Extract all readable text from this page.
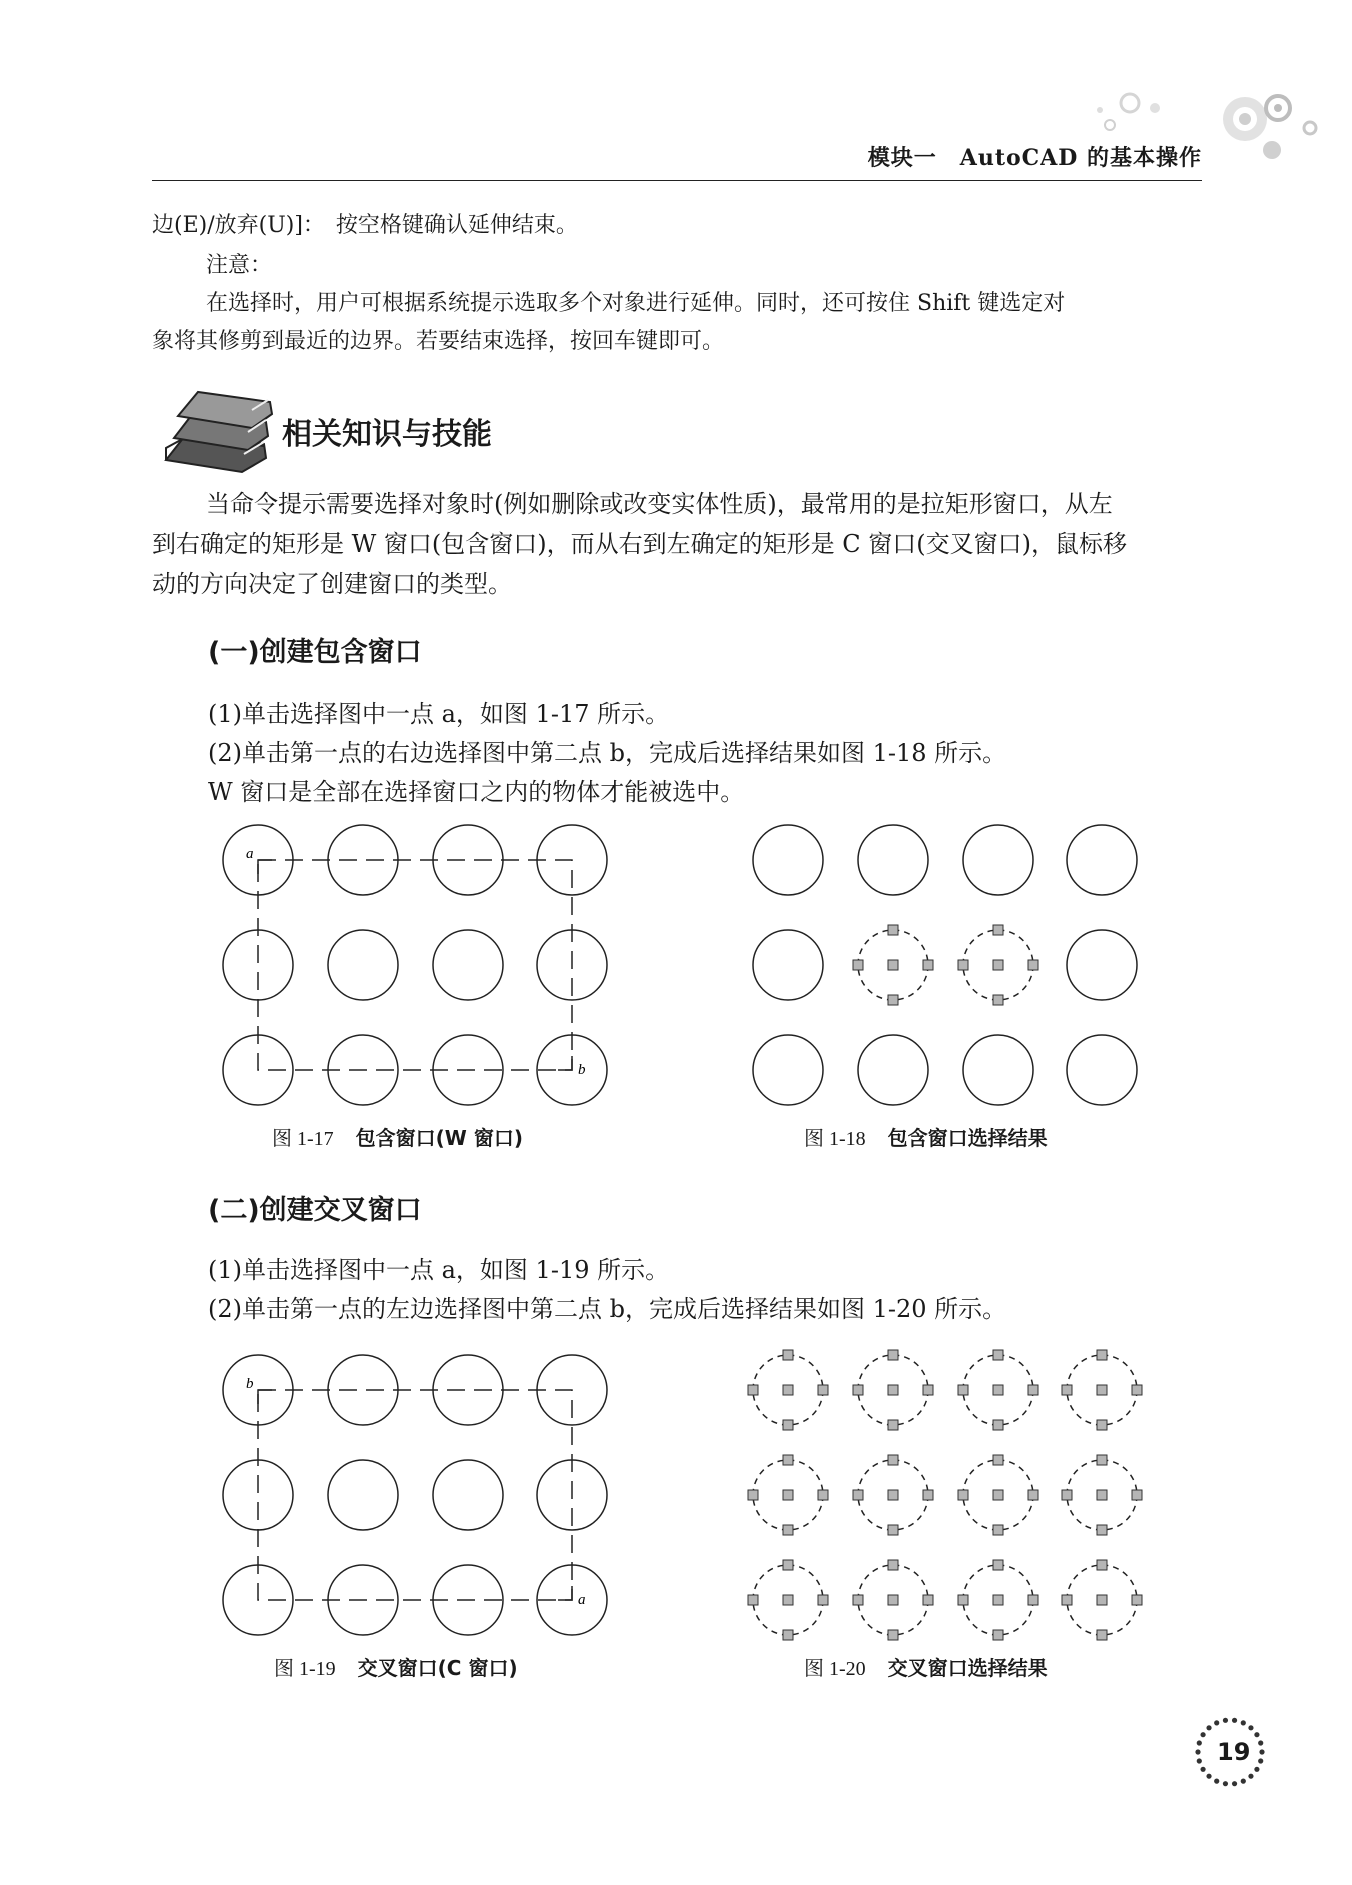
模块一　AutoCAD 的基本操作
边(E)/放弃(U)]：　按空格键确认延伸结束。
注意：
在选择时，用户可根据系统提示选取多个对象进行延伸。同时，还可按住 Shift 键选定对
象将其修剪到最近的边界。若要结束选择，按回车键即可。
相关知识与技能
当命令提示需要选择对象时(例如删除或改变实体性质)，最常用的是拉矩形窗口，从左
到右确定的矩形是 W 窗口(包含窗口)，而从右到左确定的矩形是 C 窗口(交叉窗口)，鼠标移
动的方向决定了创建窗口的类型。
(一)创建包含窗口
(1)单击选择图中一点 a，如图 1-17 所示。
(2)单击第一点的右边选择图中第二点 b，完成后选择结果如图 1-18 所示。
W 窗口是全部在选择窗口之内的物体才能被选中。
a
b
图 1-17 包含窗口(W 窗口)	图 1-18 包含窗口选择结果
(二)创建交叉窗口
(1)单击选择图中一点 a，如图 1-19 所示。
(2)单击第一点的左边选择图中第二点 b，完成后选择结果如图 1-20 所示。
b
a
图 1-19 交叉窗口(C 窗口)	图 1-20 交叉窗口选择结果
19
